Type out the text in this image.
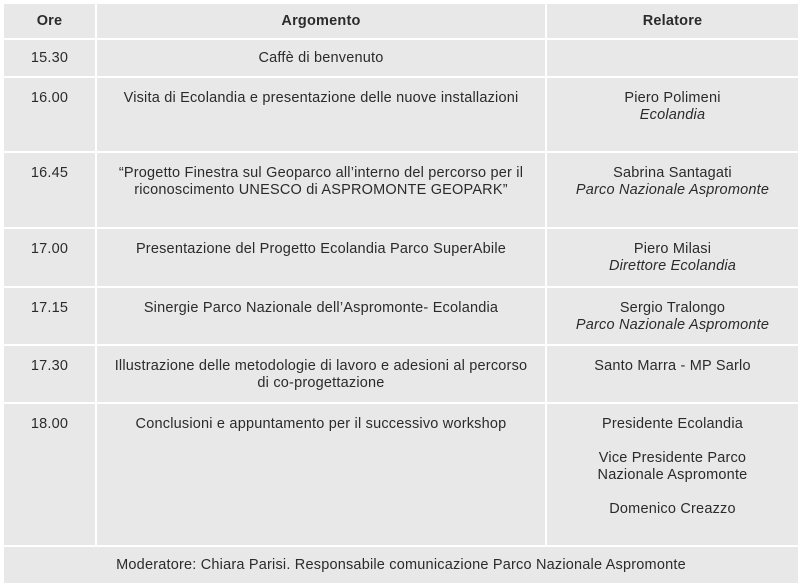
Ore	Argomento	Relatore
15.30	Caffè di benvenuto	
16.00	Visita di Ecolandia e presentazione delle nuove installazioni	Piero Polimeni
Ecolandia

16.45	“Progetto Finestra sul Geoparco all’interno del percorso per il riconoscimento UNESCO di ASPROMONTE GEOPARK”	Sabrina Santagati
Parco Nazionale Aspromonte

17.00	Presentazione del Progetto Ecolandia Parco SuperAbile	Piero Milasi
Direttore Ecolandia

17.15	Sinergie Parco Nazionale dell’Aspromonte- Ecolandia	Sergio Tralongo
Parco Nazionale Aspromonte

17.30	Illustrazione delle metodologie di lavoro e adesioni al percorso di co-progettazione	Santo Marra - MP Sarlo

18.00	Conclusioni e appuntamento per il successivo workshop	Presidente Ecolandia
Vice Presidente Parco Nazionale Aspromonte
Domenico Creazzo

Moderatore: Chiara Parisi. Responsabile comunicazione Parco Nazionale Aspromonte		
